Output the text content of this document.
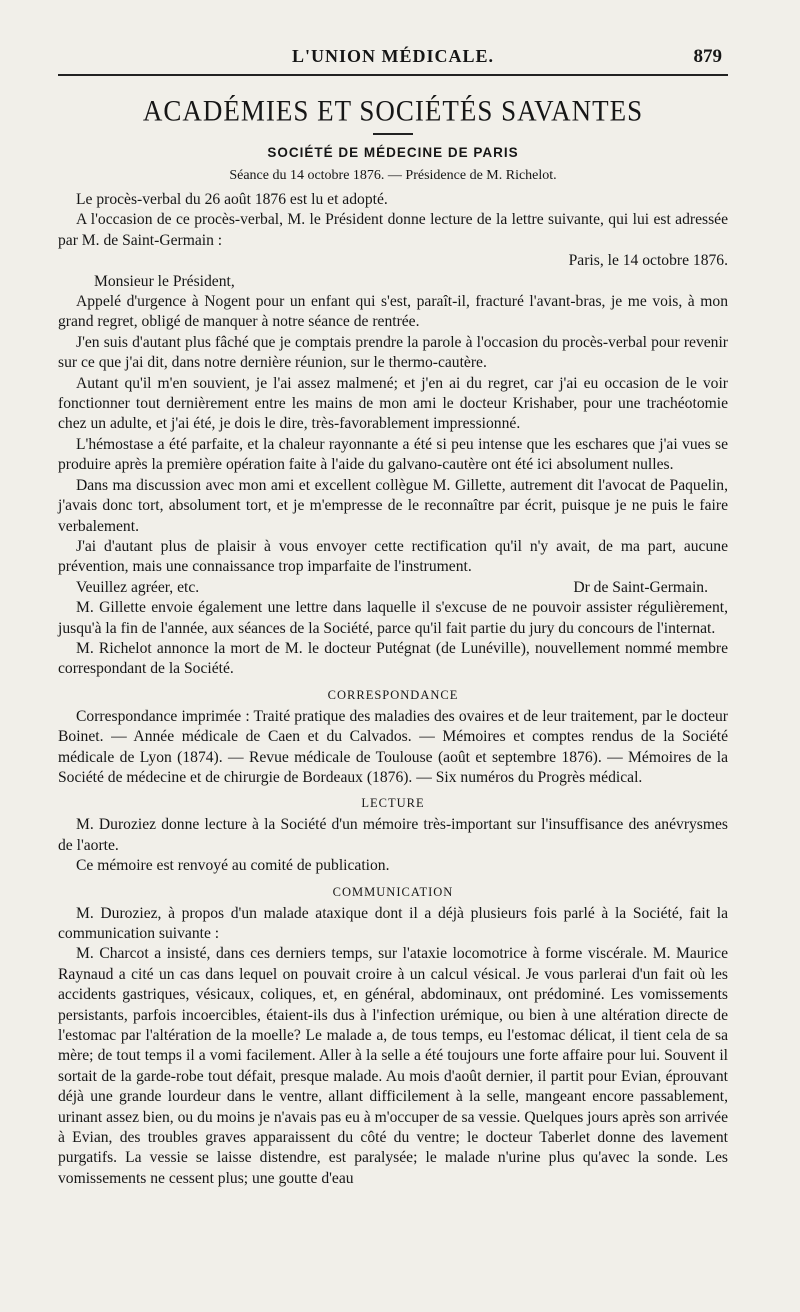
L'UNION MÉDICALE.	879
ACADÉMIES ET SOCIÉTÉS SAVANTES
SOCIÉTÉ DE MÉDECINE DE PARIS
Séance du 14 octobre 1876. — Présidence de M. Richelot.

Le procès-verbal du 26 août 1876 est lu et adopté.

A l'occasion de ce procès-verbal, M. le Président donne lecture de la lettre suivante, qui lui est adressée par M. de Saint-Germain :

Paris, le 14 octobre 1876.

Monsieur le Président,

Appelé d'urgence à Nogent pour un enfant qui s'est, paraît-il, fracturé l'avant-bras, je me vois, à mon grand regret, obligé de manquer à notre séance de rentrée.

J'en suis d'autant plus fâché que je comptais prendre la parole à l'occasion du procès-verbal pour revenir sur ce que j'ai dit, dans notre dernière réunion, sur le thermo-cautère.

Autant qu'il m'en souvient, je l'ai assez malmené; et j'en ai du regret, car j'ai eu occasion de le voir fonctionner tout dernièrement entre les mains de mon ami le docteur Krishaber, pour une trachéotomie chez un adulte, et j'ai été, je dois le dire, très-favorablement impressionné.

L'hémostase a été parfaite, et la chaleur rayonnante a été si peu intense que les eschares que j'ai vues se produire après la première opération faite à l'aide du galvano-cautère ont été ici absolument nulles.

Dans ma discussion avec mon ami et excellent collègue M. Gillette, autrement dit l'avocat de Paquelin, j'avais donc tort, absolument tort, et je m'empresse de le reconnaître par écrit, puisque je ne puis le faire verbalement.

J'ai d'autant plus de plaisir à vous envoyer cette rectification qu'il n'y avait, de ma part, aucune prévention, mais une connaissance trop imparfaite de l'instrument.

Veuillez agréer, etc.	Dr de Saint-Germain.

M. Gillette envoie également une lettre dans laquelle il s'excuse de ne pouvoir assister régulièrement, jusqu'à la fin de l'année, aux séances de la Société, parce qu'il fait partie du jury du concours de l'internat.

M. Richelot annonce la mort de M. le docteur Putégnat (de Lunéville), nouvellement nommé membre correspondant de la Société.

CORRESPONDANCE

Correspondance imprimée : Traité pratique des maladies des ovaires et de leur traitement, par le docteur Boinet. — Année médicale de Caen et du Calvados. — Mémoires et comptes rendus de la Société médicale de Lyon (1874). — Revue médicale de Toulouse (août et septembre 1876). — Mémoires de la Société de médecine et de chirurgie de Bordeaux (1876). — Six numéros du Progrès médical.

LECTURE

M. Duroziez donne lecture à la Société d'un mémoire très-important sur l'insuffisance des anévrysmes de l'aorte.

Ce mémoire est renvoyé au comité de publication.

COMMUNICATION

M. Duroziez, à propos d'un malade ataxique dont il a déjà plusieurs fois parlé à la Société, fait la communication suivante :

M. Charcot a insisté, dans ces derniers temps, sur l'ataxie locomotrice à forme viscérale. M. Maurice Raynaud a cité un cas dans lequel on pouvait croire à un calcul vésical. Je vous parlerai d'un fait où les accidents gastriques, vésicaux, coliques, et, en général, abdominaux, ont prédominé. Les vomissements persistants, parfois incoercibles, étaient-ils dus à l'infection urémique, ou bien à une altération directe de l'estomac par l'altération de la moelle? Le malade a, de tous temps, eu l'estomac délicat, il tient cela de sa mère; de tout temps il a vomi facilement. Aller à la selle a été toujours une forte affaire pour lui. Souvent il sortait de la garde-robe tout défait, presque malade. Au mois d'août dernier, il partit pour Evian, éprouvant déjà une grande lourdeur dans le ventre, allant difficilement à la selle, mangeant encore passablement, urinant assez bien, ou du moins je n'avais pas eu à m'occuper de sa vessie. Quelques jours après son arrivée à Evian, des troubles graves apparaissent du côté du ventre; le docteur Taberlet donne des lavement purgatifs. La vessie se laisse distendre, est paralysée; le malade n'urine plus qu'avec la sonde. Les vomissements ne cessent plus; une goutte d'eau
